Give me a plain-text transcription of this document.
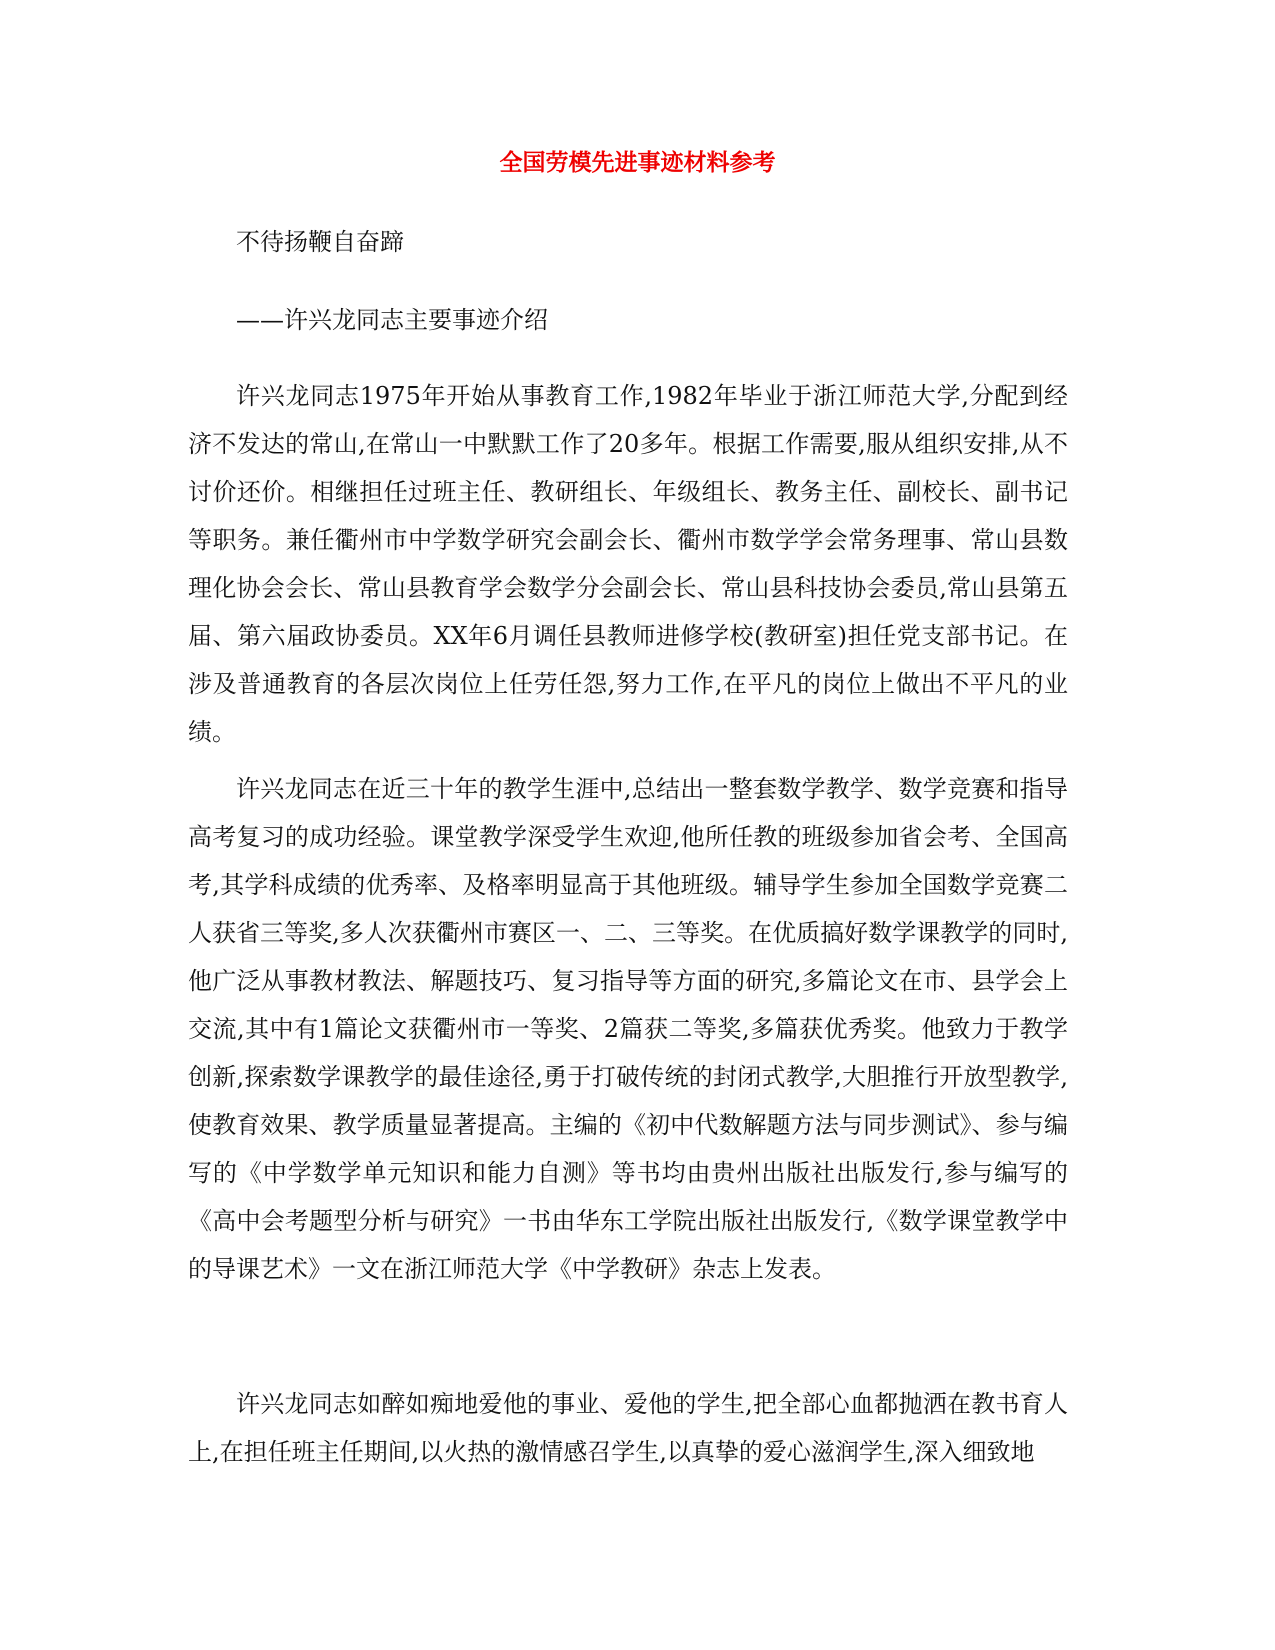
全国劳模先进事迹材料参考

不待扬鞭自奋蹄

——许兴龙同志主要事迹介绍

许兴龙同志1975年开始从事教育工作,1982年毕业于浙江师范大学,分配到经济不发达的常山,在常山一中默默工作了20多年。根据工作需要,服从组织安排,从不讨价还价。相继担任过班主任、教研组长、年级组长、教务主任、副校长、副书记等职务。兼任衢州市中学数学研究会副会长、衢州市数学学会常务理事、常山县数理化协会会长、常山县教育学会数学分会副会长、常山县科技协会委员,常山县第五届、第六届政协委员。XX年6月调任县教师进修学校(教研室)担任党支部书记。在涉及普通教育的各层次岗位上任劳任怨,努力工作,在平凡的岗位上做出不平凡的业绩。

许兴龙同志在近三十年的教学生涯中,总结出一整套数学教学、数学竞赛和指导高考复习的成功经验。课堂教学深受学生欢迎,他所任教的班级参加省会考、全国高考,其学科成绩的优秀率、及格率明显高于其他班级。辅导学生参加全国数学竞赛二人获省三等奖,多人次获衢州市赛区一、二、三等奖。在优质搞好数学课教学的同时,他广泛从事教材教法、解题技巧、复习指导等方面的研究,多篇论文在市、县学会上交流,其中有1篇论文获衢州市一等奖、2篇获二等奖,多篇获优秀奖。他致力于教学创新,探索数学课教学的最佳途径,勇于打破传统的封闭式教学,大胆推行开放型教学,使教育效果、教学质量显著提高。主编的《初中代数解题方法与同步测试》、参与编写的《中学数学单元知识和能力自测》等书均由贵州出版社出版发行,参与编写的《高中会考题型分析与研究》一书由华东工学院出版社出版发行,《数学课堂教学中的导课艺术》一文在浙江师范大学《中学教研》杂志上发表。

许兴龙同志如醉如痴地爱他的事业、爱他的学生,把全部心血都抛洒在教书育人上,在担任班主任期间,以火热的激情感召学生,以真挚的爱心滋润学生,深入细致地
